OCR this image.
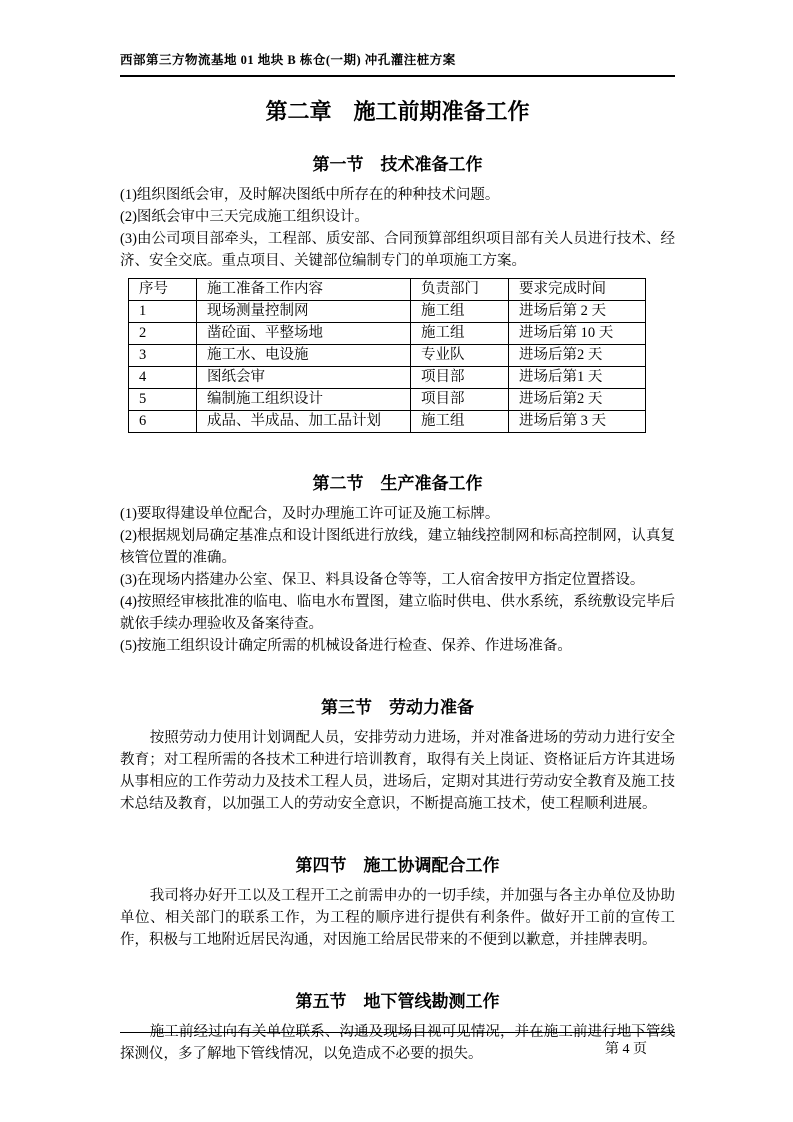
西部第三方物流基地 01 地块 B 栋仓(一期) 冲孔灌注桩方案
第二章　施工前期准备工作
第一节　技术准备工作

(1)组织图纸会审，及时解决图纸中所存在的种种技术问题。

(2)图纸会审中三天完成施工组织设计。

(3)由公司项目部牵头，工程部、质安部、合同预算部组织项目部有关人员进行技术、经济、安全交底。重点项目、关键部位编制专门的单项施工方案。

序号	施工准备工作内容	负责部门	要求完成时间
1	现场测量控制网	施工组	进场后第 2 天
2	凿砼面、平整场地	施工组	进场后第 10 天
3	施工水、电设施	专业队	进场后第2 天
4	图纸会审	项目部	进场后第1 天
5	编制施工组织设计	项目部	进场后第2 天
6	成品、半成品、加工品计划	施工组	进场后第 3 天
第二节　生产准备工作

(1)要取得建设单位配合，及时办理施工许可证及施工标牌。

(2)根据规划局确定基准点和设计图纸进行放线，建立轴线控制网和标高控制网，认真复核管位置的准确。

(3)在现场内搭建办公室、保卫、料具设备仓等等，工人宿舍按甲方指定位置搭设。

(4)按照经审核批准的临电、临电水布置图，建立临时供电、供水系统，系统敷设完毕后就依手续办理验收及备案待查。

(5)按施工组织设计确定所需的机械设备进行检查、保养、作进场准备。

第三节　劳动力准备

按照劳动力使用计划调配人员，安排劳动力进场，并对准备进场的劳动力进行安全教育；对工程所需的各技术工种进行培训教育，取得有关上岗证、资格证后方许其进场从事相应的工作劳动力及技术工程人员，进场后，定期对其进行劳动安全教育及施工技术总结及教育，以加强工人的劳动安全意识，不断提高施工技术，使工程顺利进展。

第四节　施工协调配合工作

我司将办好开工以及工程开工之前需申办的一切手续，并加强与各主办单位及协助单位、相关部门的联系工作，为工程的顺序进行提供有利条件。做好开工前的宣传工作，积极与工地附近居民沟通，对因施工给居民带来的不便到以歉意，并挂牌表明。

第五节　地下管线勘测工作

施工前经过向有关单位联系、沟通及现场目视可见情况，并在施工前进行地下管线探测仪，多了解地下管线情况，以免造成不必要的损失。	第 4 页
